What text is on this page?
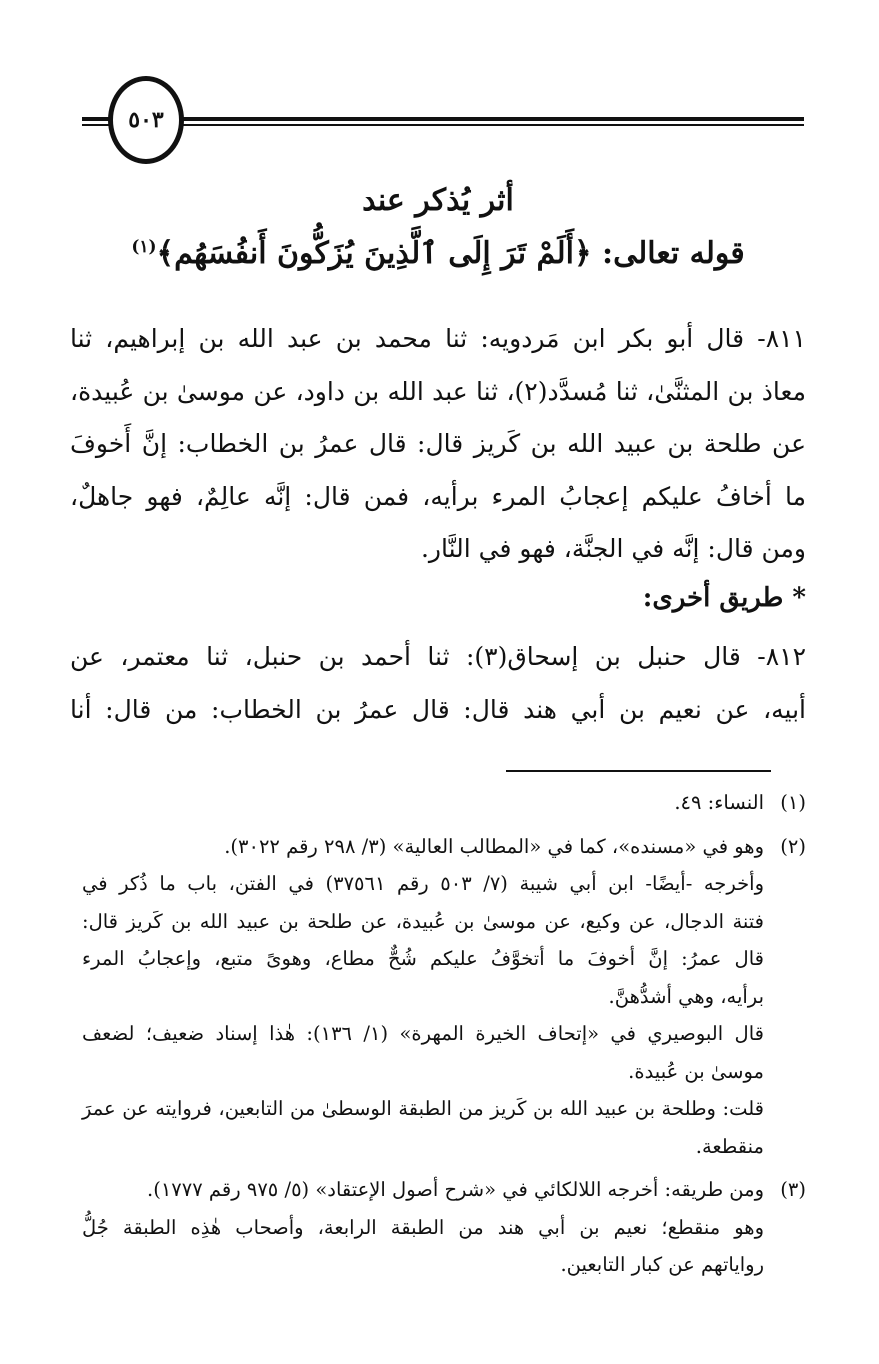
٥٠٣
أثر يُذكر عند
قوله تعالى: ﴿أَلَمْ تَرَ إِلَى ٱلَّذِينَ يُزَكُّونَ أَنفُسَهُم﴾$^{(١)}$
٨١١- قال أبو بكر ابن مَردويه: ثنا محمد بن عبد الله بن إبراهيم، ثنا
معاذ بن المثنَّىٰ، ثنا مُسدَّد(٢)، ثنا عبد الله بن داود، عن موسىٰ بن عُبيدة،
عن طلحة بن عبيد الله بن كَريز قال: قال عمرُ بن الخطاب: إنَّ أَخوفَ
ما أخافُ عليكم إعجابُ المرء برأيه، فمن قال: إنَّه عالِمٌ، فهو جاهلٌ،
ومن قال: إنَّه في الجنَّة، فهو في النَّار.
* طريق أخرى:
٨١٢- قال حنبل بن إسحاق(٣): ثنا أحمد بن حنبل، ثنا معتمر، عن
أبيه، عن نعيم بن أبي هند قال: قال عمرُ بن الخطاب: من قال: أنا
(١)
النساء: ٤٩.
(٢)
وهو في «مسنده»، كما في «المطالب العالية» (٣/ ٢٩٨ رقم ٣٠٢٢).
وأخرجه -أيضًا- ابن أبي شيبة (٧/ ٥٠٣ رقم ٣٧٥٦١) في الفتن، باب ما ذُكر في
فتنة الدجال، عن وكيع، عن موسىٰ بن عُبيدة، عن طلحة بن عبيد الله بن كَريز قال:
قال عمرُ: إنَّ أخوفَ ما أتخوَّفُ عليكم شُحٌّ مطاع، وهوىً متبع، وإعجابُ المرء
برأيه، وهي أشدُّهنَّ.
قال البوصيري في «إتحاف الخيرة المهرة» (١/ ١٣٦): هٰذا إسناد ضعيف؛ لضعف
موسىٰ بن عُبيدة.
قلت: وطلحة بن عبيد الله بن كَريز من الطبقة الوسطىٰ من التابعين، فروايته عن عمرَ
منقطعة.
(٣)
ومن طريقه: أخرجه اللالكائي في «شرح أصول الإعتقاد» (٥/ ٩٧٥ رقم ١٧٧٧).
وهو منقطع؛ نعيم بن أبي هند من الطبقة الرابعة، وأصحاب هٰذِه الطبقة جُلُّ
رواياتهم عن كبار التابعين.
